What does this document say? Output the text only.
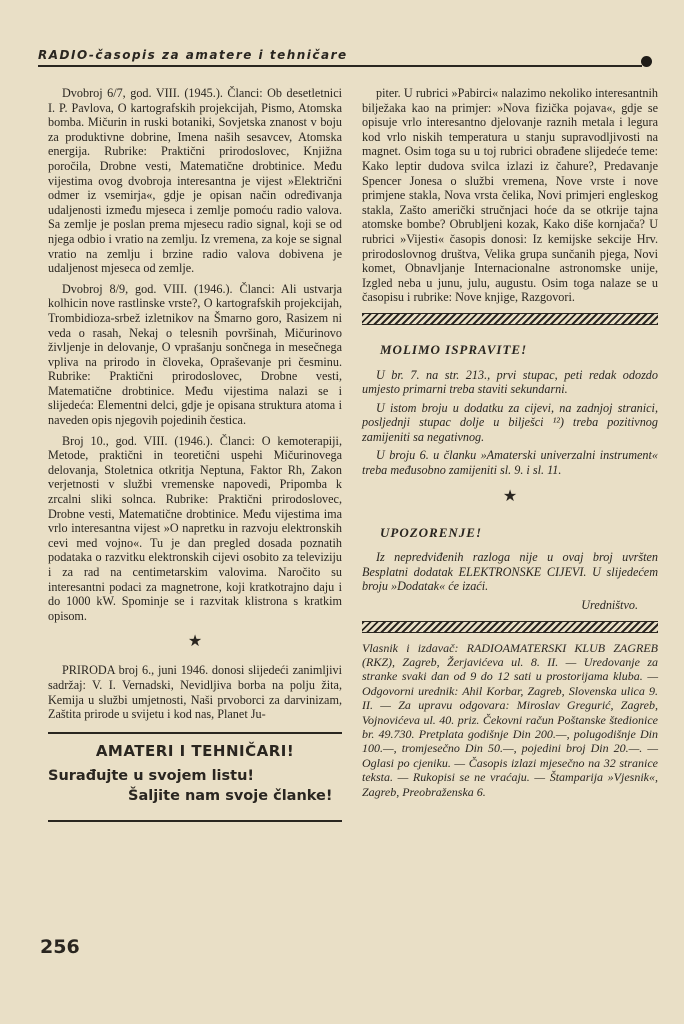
RADIO-časopis za amatere i tehničare

Dvobroj 6/7, god. VIII. (1945.). Članci: Ob desetletnici I. P. Pavlova, O kartografskih projekcijah, Pismo, Atomska bomba. Mičurin in ruski botaniki, Sovjetska znanost v boju za produktivne dobrine, Imena naših sesavcev, Atomska energija. Rubrike: Praktični prirodoslovec, Knjižna poročila, Drobne vesti, Matematične drobtinice. Među vijestima ovog dvobroja interesantna je vijest »Električni odmer iz vsemirja«, gdje je opisan način određivanja udaljenosti između mjeseca i zemlje pomoću radio valova. Sa zemlje je poslan prema mjesecu radio signal, koji se od njega odbio i vratio na zemlju. Iz vremena, za koje se signal vratio na zemlju i brzine radio valova dobivena je udaljenost mjeseca od zemlje.

Dvobroj 8/9, god. VIII. (1946.). Članci: Ali ustvarja kolhicin nove rastlinske vrste?, O kartografskih projekcijah, Trombidioza-srbež izletnikov na Šmarno goro, Rasizem ni veda o rasah, Nekaj o telesnih površinah, Mičurinovo življenje in delovanje, O vprašanju sončnega in mesečnega vpliva na prirodo in človeka, Opraševanje pri česminu. Rubrike: Praktični prirodoslovec, Drobne vesti, Matematične drobtinice. Među vijestima nalazi se i slijedeća: Elementni delci, gdje je opisana struktura atoma i naveden opis njegovih pojedinih čestica.

Broj 10., god. VIII. (1946.). Članci: O kemoterapiji, Metode, praktični in teoretični uspehi Mičurinovega delovanja, Stoletnica otkritja Neptuna, Faktor Rh, Zakon verjetnosti v službi vremenske napovedi, Pripomba k zrcalni sliki solnca. Rubrike: Praktični prirodoslovec, Drobne vesti, Matematične drobtinice. Među vijestima ima vrlo interesantna vijest »O napretku in razvoju elektronskih cevi med vojno«. Tu je dan pregled dosada poznatih podataka o razvitku elektronskih cijevi osobito za televiziju i za rad na centimetarskim valovima. Naročito su interesantni podaci za magnetrone, koji kratkotrajno daju i do 1000 kW. Spominje se i razvitak klistrona s kratkim opisom.

★

PRIRODA broj 6., juni 1946. donosi slijedeći zanimljivi sadržaj: V. I. Vernadski, Nevidljiva borba na polju žita, Kemija u službi umjetnosti, Naši prvoborci za darvinizam, Zaštita prirode u svijetu i kod nas, Planet Ju-

AMATERI I TEHNIČARI!
Surađujte u svojem listu!
Šaljite nam svoje članke!

piter. U rubrici »Pabirci« nalazimo nekoliko interesantnih bilježaka kao na primjer: »Nova fizička pojava«, gdje se opisuje vrlo interesantno djelovanje raznih metala i legura kod vrlo niskih temperatura u stanju supravodljivosti na magnet. Osim toga su u toj rubrici obrađene slijedeće teme: Kako leptir dudova svilca izlazi iz čahure?, Predavanje Spencer Jonesa o službi vremena, Nove vrste i nove primjene stakla, Nova vrsta čelika, Novi primjeri engleskog stakla, Zašto američki stručnjaci hoće da se otkrije tajna atomske bombe? Obrubljeni kozak, Kako diše kornjača? U rubrici »Vijesti« časopis donosi: Iz kemijske sekcije Hrv. prirodoslovnog društva, Velika grupa sunčanih pjega, Novi komet, Obnavljanje Internacionalne astronomske unije, Izgled neba u junu, julu, augustu. Osim toga nalaze se u časopisu i rubrike: Nove knjige, Razgovori.

MOLIMO ISPRAVITE!

U br. 7. na str. 213., prvi stupac, peti redak odozdo umjesto primarni treba staviti sekundarni.

U istom broju u dodatku za cijevi, na zadnjoj stranici, posljednji stupac dolje u bilješci ¹²) treba pozitivnog zamijeniti sa negativnog.

U broju 6. u članku »Amaterski univerzalni instrument« treba međusobno zamijeniti sl. 9. i sl. 11.

★
UPOZORENJE!

Iz nepredviđenih razloga nije u ovaj broj uvršten Besplatni dodatak ELEKTRONSKE CIJEVI. U slijedećem broju »Dodatak« će izaći.

Uredništvo.

Vlasnik i izdavač: RADIOAMATERSKI KLUB ZAGREB (RKZ), Zagreb, Žerjavićeva ul. 8. II. — Uredovanje za stranke svaki dan od 9 do 12 sati u prostorijama kluba. — Odgovorni urednik: Ahil Korbar, Zagreb, Slovenska ulica 9. II. — Za upravu odgovara: Miroslav Gregurić, Zagreb, Vojnovićeva ul. 40. priz. Čekovni račun Poštanske štedionice br. 49.730. Pretplata godišnje Din 200.—, polugodišnje Din 100.—, tromjesečno Din 50.—, pojedini broj Din 20.—. — Oglasi po cjeniku. — Časopis izlazi mjesečno na 32 stranice teksta. — Rukopisi se ne vraćaju. — Štamparija »Vjesnik«, Zagreb, Preobraženska 6.

256
